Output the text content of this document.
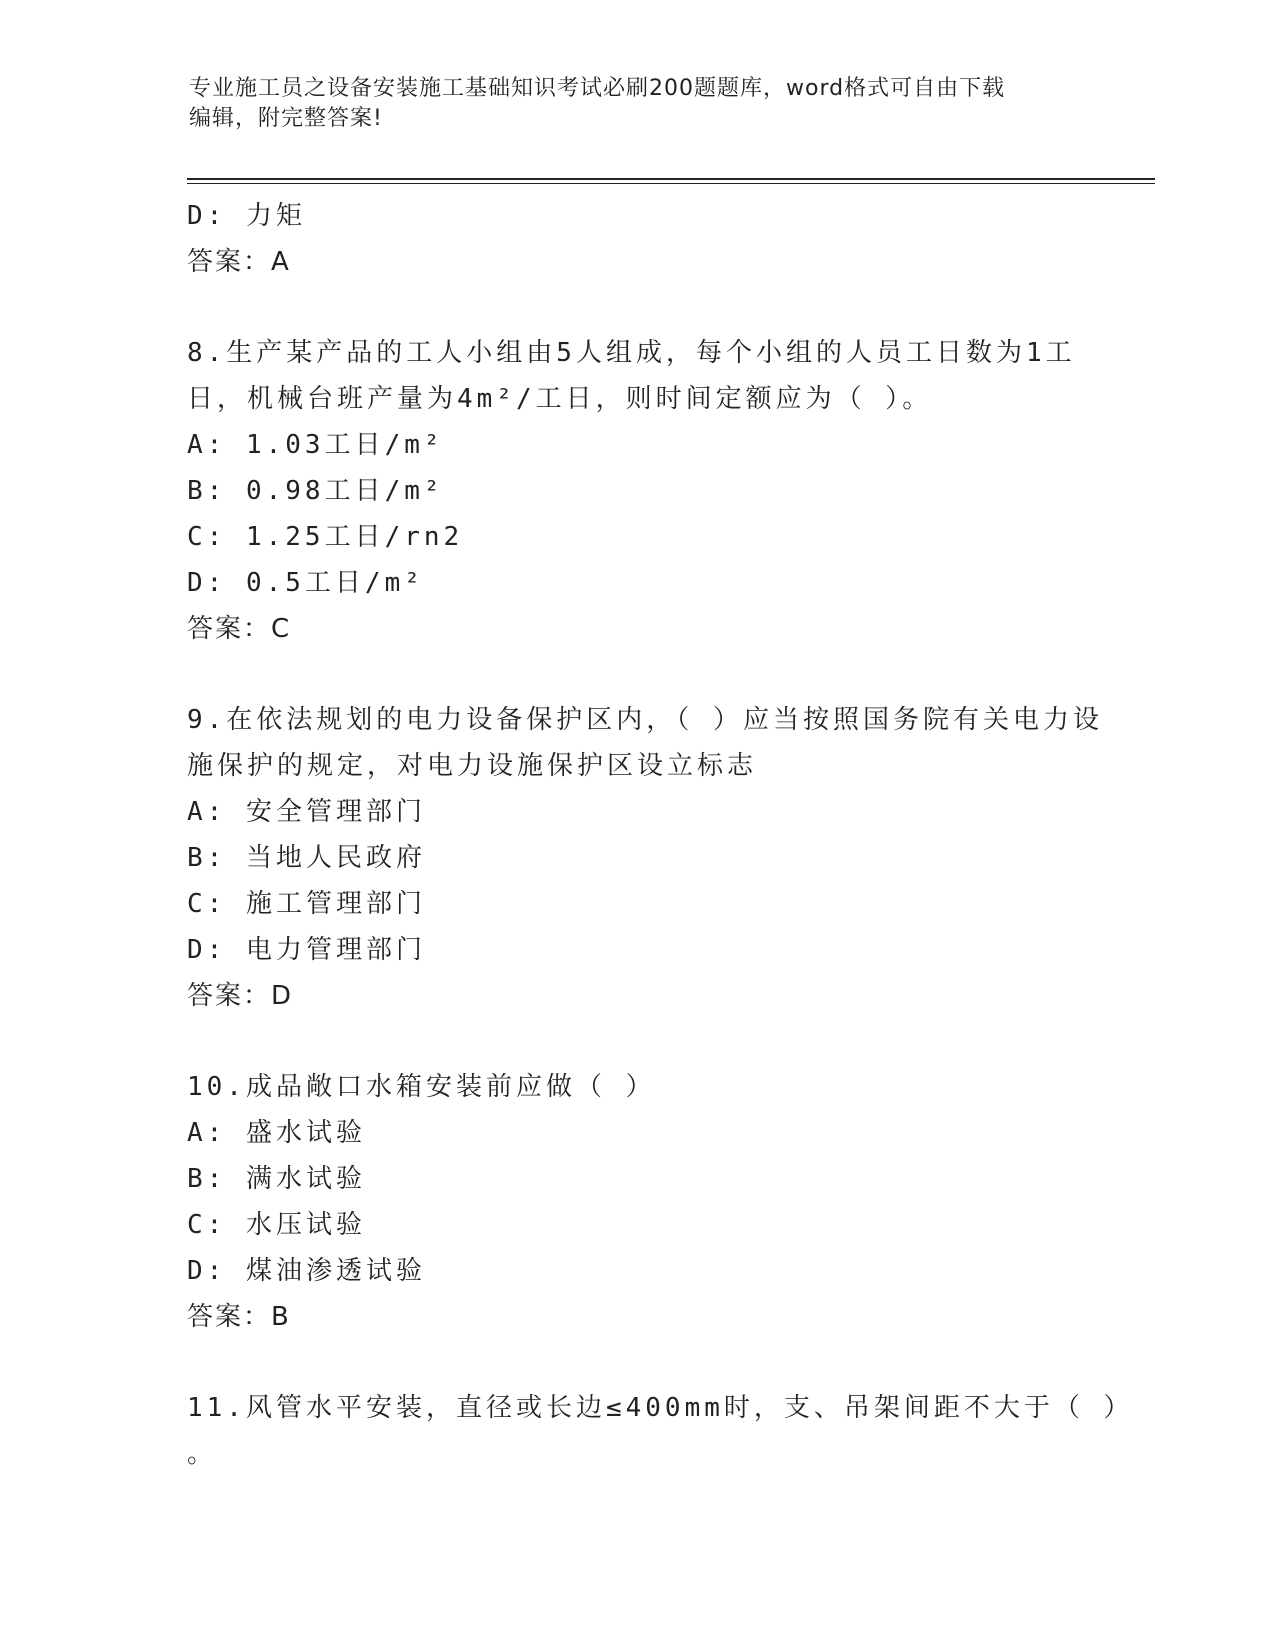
专业施工员之设备安装施工基础知识考试必刷200题题库，word格式可自由下载
编辑，附完整答案!
D: 力矩
答案：A
8.生产某产品的工人小组由5人组成，每个小组的人员工日数为1工
日，机械台班产量为4m²/工日，则时间定额应为（ ）。
A: 1.03工日/m²
B: 0.98工日/m²
C: 1.25工日/rn2
D: 0.5工日/m²
答案：C
9.在依法规划的电力设备保护区内，（ ）应当按照国务院有关电力设
施保护的规定，对电力设施保护区设立标志
A: 安全管理部门
B: 当地人民政府
C: 施工管理部门
D: 电力管理部门
答案：D
10.成品敞口水箱安装前应做（ ）
A: 盛水试验
B: 满水试验
C: 水压试验
D: 煤油渗透试验
答案：B
11.风管水平安装，直径或长边≤400mm时，支、吊架间距不大于（ ）
。
